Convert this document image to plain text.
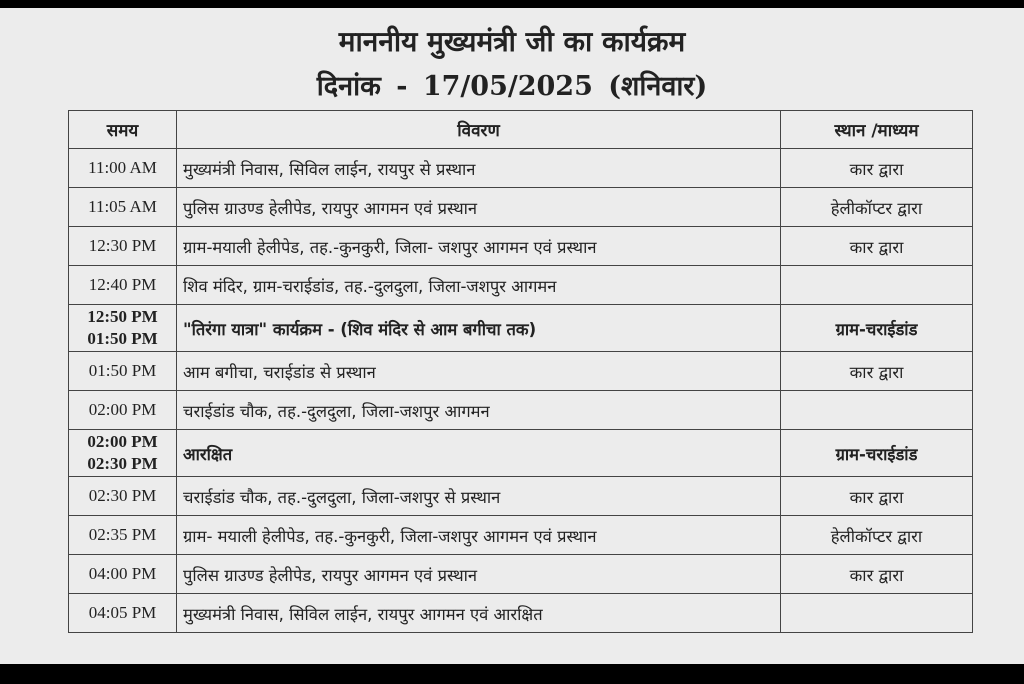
माननीय मुख्यमंत्री जी का कार्यक्रम
दिनांक - 17/05/2025 (शनिवार)
समय	विवरण	स्थान /माध्यम

11:00 AM	मुख्यमंत्री निवास, सिविल लाईन, रायपुर से प्रस्थान	कार द्वारा

11:05 AM	पुलिस ग्राउण्ड हेलीपेड, रायपुर आगमन एवं प्रस्थान	हेलीकॉप्टर द्वारा

12:30 PM	ग्राम-मयाली हेलीपेड, तह.-कुनकुरी, जिला- जशपुर आगमन एवं प्रस्थान	कार द्वारा

12:40 PM	शिव मंदिर, ग्राम-चराईडांड, तह.-दुलदुला, जिला-जशपुर आगमन	

12:50 PM
01:50 PM	"तिरंगा यात्रा" कार्यक्रम - (शिव मंदिर से आम बगीचा तक)	ग्राम-चराईडांड

01:50 PM	आम बगीचा, चराईडांड से प्रस्थान	कार द्वारा

02:00 PM	चराईडांड चौक, तह.-दुलदुला, जिला-जशपुर आगमन	

02:00 PM
02:30 PM	आरक्षित	ग्राम-चराईडांड

02:30 PM	चराईडांड चौक, तह.-दुलदुला, जिला-जशपुर से प्रस्थान	कार द्वारा

02:35 PM	ग्राम- मयाली हेलीपेड, तह.-कुनकुरी, जिला-जशपुर आगमन एवं प्रस्थान	हेलीकॉप्टर द्वारा

04:00 PM	पुलिस ग्राउण्ड हेलीपेड, रायपुर आगमन एवं प्रस्थान	कार द्वारा

04:05 PM	मुख्यमंत्री निवास, सिविल लाईन, रायपुर आगमन एवं आरक्षित	
